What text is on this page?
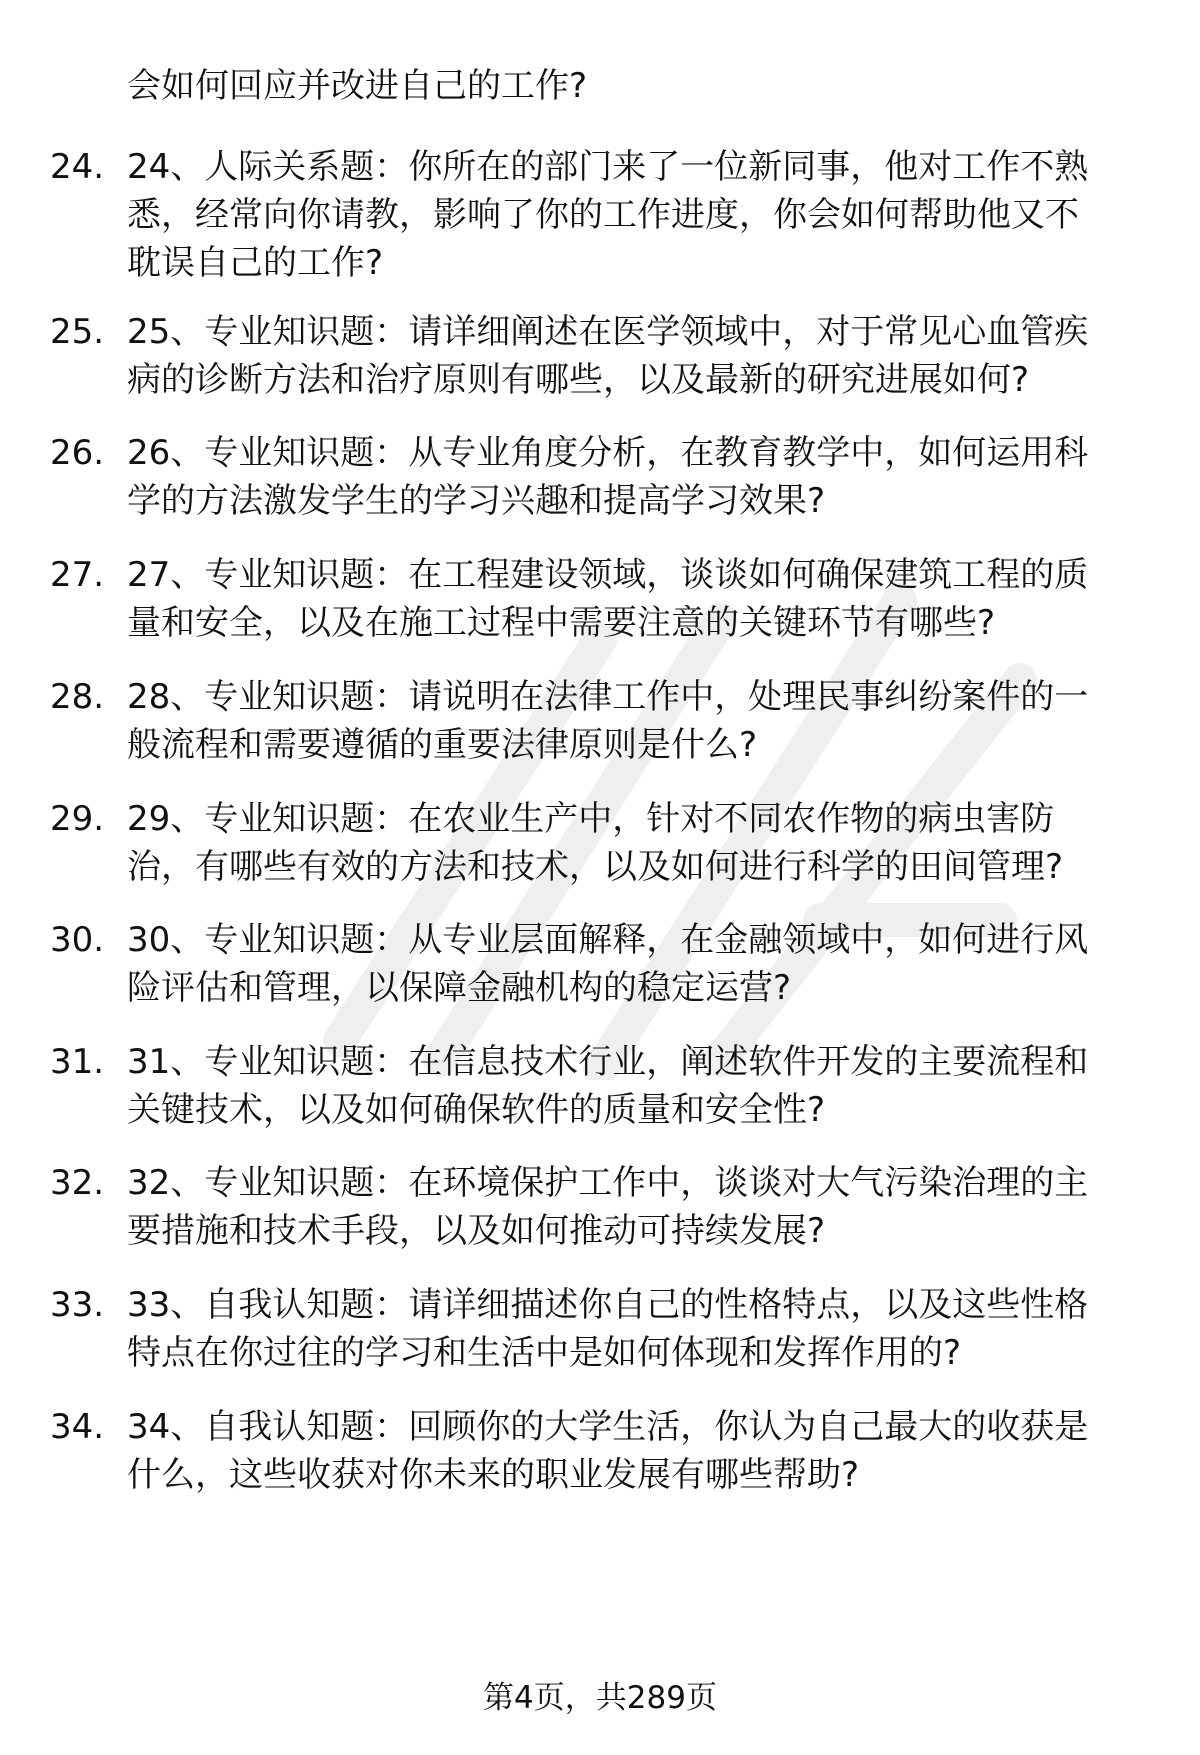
会如何回应并改进自己的工作?
24. 24、人际关系题：你所在的部门来了一位新同事，他对工作不熟
悉，经常向你请教，影响了你的工作进度，你会如何帮助他又不
耽误自己的工作?
25. 25、专业知识题：请详细阐述在医学领域中，对于常见心血管疾
病的诊断方法和治疗原则有哪些，以及最新的研究进展如何?
26. 26、专业知识题：从专业角度分析，在教育教学中，如何运用科
学的方法激发学生的学习兴趣和提高学习效果?
27. 27、专业知识题：在工程建设领域，谈谈如何确保建筑工程的质
量和安全，以及在施工过程中需要注意的关键环节有哪些?
28. 28、专业知识题：请说明在法律工作中，处理民事纠纷案件的一
般流程和需要遵循的重要法律原则是什么?
29. 29、专业知识题：在农业生产中，针对不同农作物的病虫害防
治，有哪些有效的方法和技术，以及如何进行科学的田间管理?
30. 30、专业知识题：从专业层面解释，在金融领域中，如何进行风
险评估和管理，以保障金融机构的稳定运营?
31. 31、专业知识题：在信息技术行业，阐述软件开发的主要流程和
关键技术，以及如何确保软件的质量和安全性?
32. 32、专业知识题：在环境保护工作中，谈谈对大气污染治理的主
要措施和技术手段，以及如何推动可持续发展?
33. 33、自我认知题：请详细描述你自己的性格特点，以及这些性格
特点在你过往的学习和生活中是如何体现和发挥作用的?
34. 34、自我认知题：回顾你的大学生活，你认为自己最大的收获是
什么，这些收获对你未来的职业发展有哪些帮助?
第4页，共289页
